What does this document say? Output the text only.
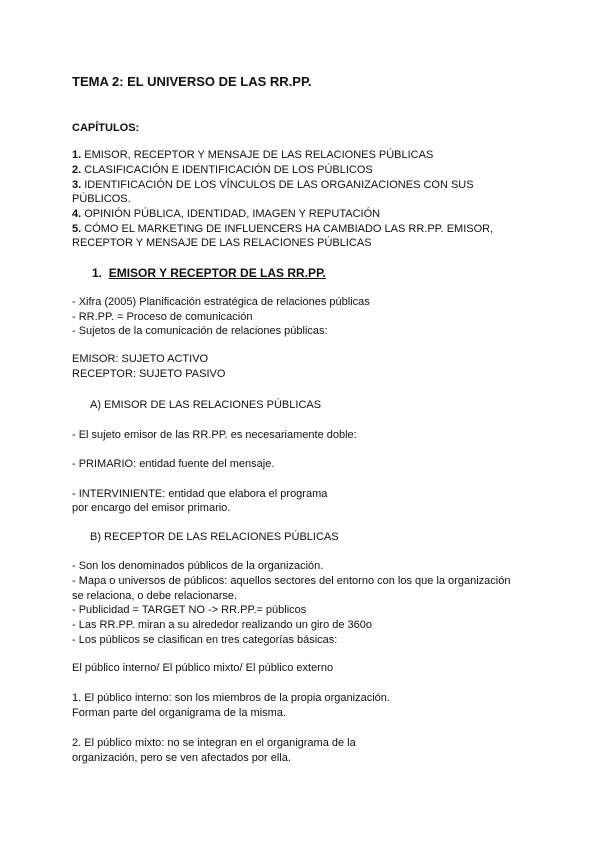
TEMA 2: EL UNIVERSO DE LAS RR.PP.
CAPÍTULOS:
1. EMISOR, RECEPTOR Y MENSAJE DE LAS RELACIONES PÚBLICAS
2. CLASIFICACIÓN E IDENTIFICACIÓN DE LOS PÚBLICOS
3. IDENTIFICACIÓN DE LOS VÍNCULOS DE LAS ORGANIZACIONES CON SUS
PÚBLICOS.
4. OPINIÓN PÚBLICA, IDENTIDAD, IMAGEN Y REPUTACIÓN
5. CÓMO EL MARKETING DE INFLUENCERS HA CAMBIADO LAS RR.PP. EMISOR,
RECEPTOR Y MENSAJE DE LAS RELACIONES PÚBLICAS
1. EMISOR Y RECEPTOR DE LAS RR.PP.
- Xifra (2005) Planificación estratégica de relaciones públicas
- RR.PP. = Proceso de comunicación
- Sujetos de la comunicación de relaciones públicas:
EMISOR: SUJETO ACTIVO
RECEPTOR: SUJETO PASIVO
A) EMISOR DE LAS RELACIONES PÚBLICAS
- El sujeto emisor de las RR.PP. es necesariamente doble:
- PRIMARIO: entidad fuente del mensaje.
- INTERVINIENTE: entidad que elabora el programa
por encargo del emisor primario.
B) RECEPTOR DE LAS RELACIONES PÚBLICAS
- Son los denominados públicos de la organización.
- Mapa o universos de públicos: aquellos sectores del entorno con los que la organización
se relaciona, o debe relacionarse.
- Publicidad = TARGET NO -> RR.PP.= públicos
- Las RR.PP. miran a su alrededor realizando un giro de 360o
- Los públicos se clasifican en tres categorías básicas:
El público interno/ El público mixto/ El público externo
1. El público interno: son los miembros de la propia organización.
Forman parte del organigrama de la misma.
2. El público mixto: no se integran en el organigrama de la
organización, pero se ven afectados por ella.
